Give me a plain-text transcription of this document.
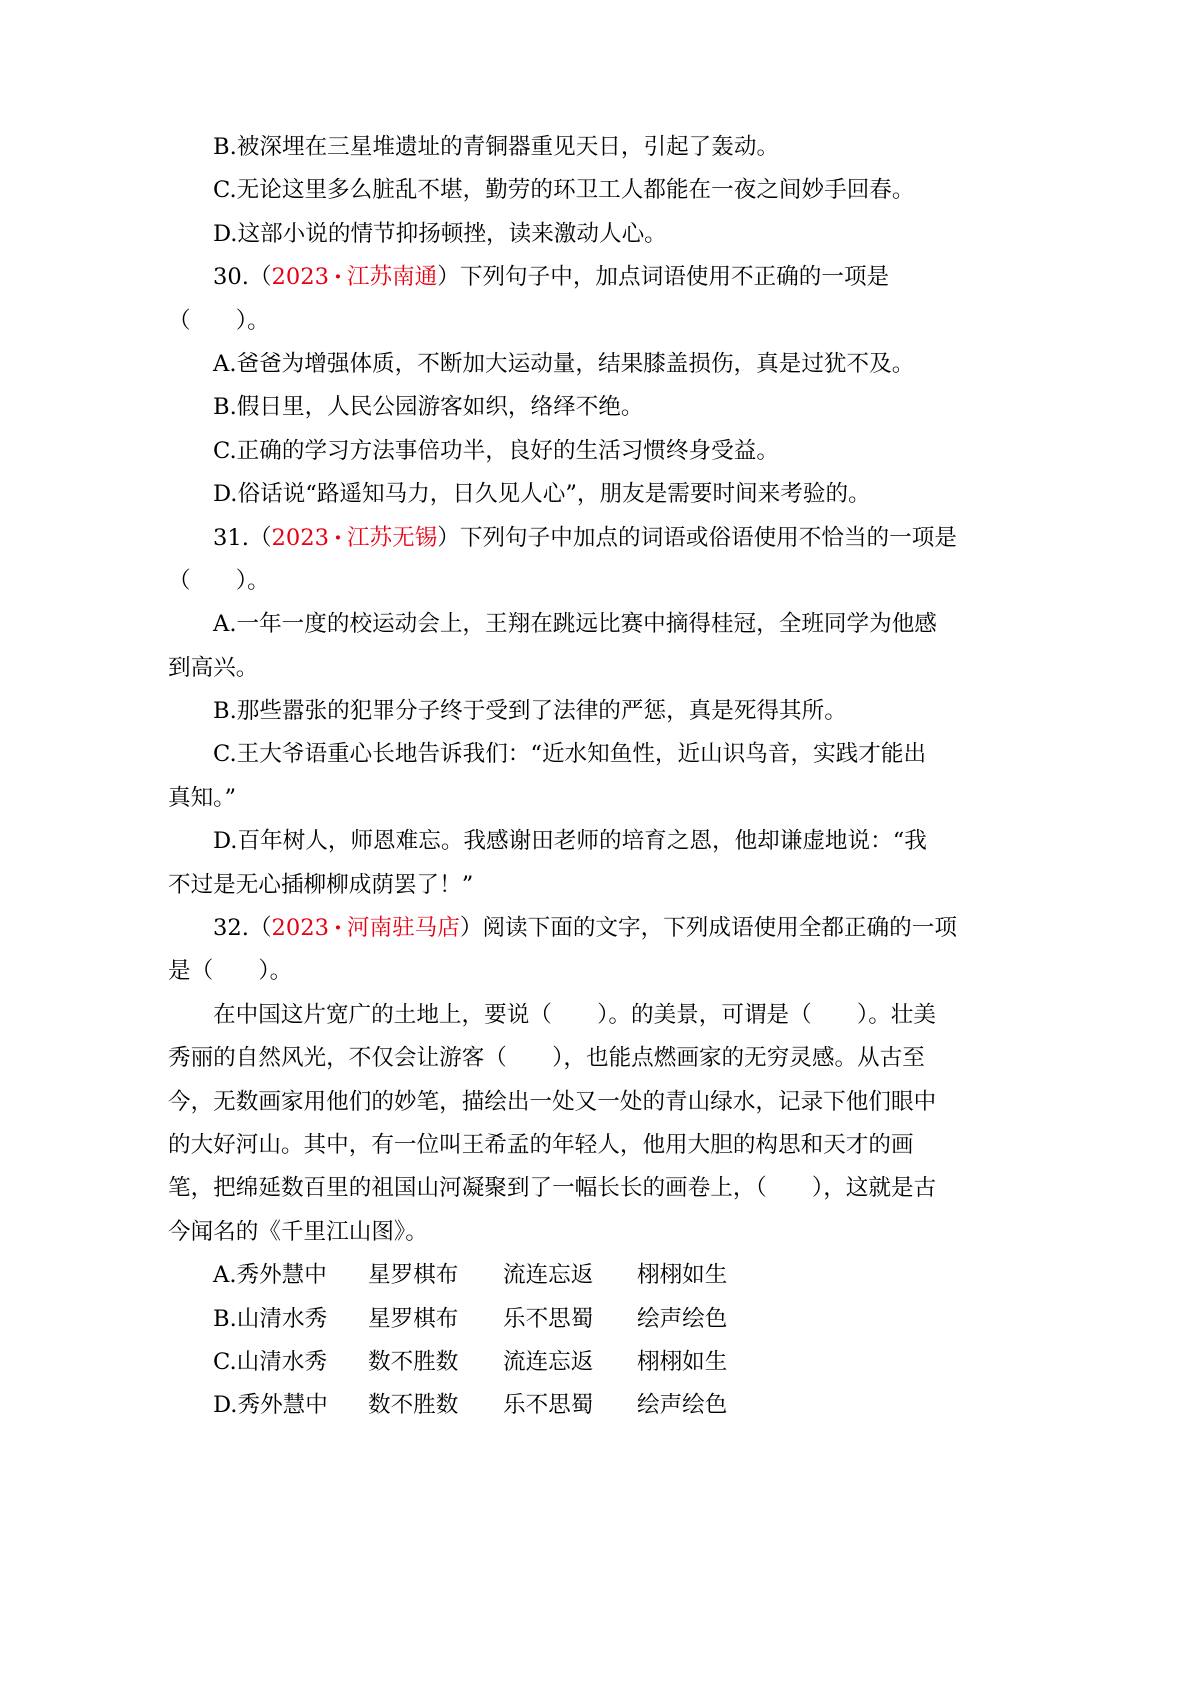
B.被深埋在三星堆遗址的青铜器重见天日，引起了轰动。
C.无论这里多么脏乱不堪，勤劳的环卫工人都能在一夜之间妙手回春。
D.这部小说的情节抑扬顿挫，读来激动人心。
30.（2023 · 江苏南通）下列句子中，加点词语使用不正确的一项是
（　　）。
A.爸爸为增强体质，不断加大运动量，结果膝盖损伤，真是过犹不及。
B.假日里，人民公园游客如织，络绎不绝。
C.正确的学习方法事倍功半，良好的生活习惯终身受益。
D.俗话说“路遥知马力，日久见人心”，朋友是需要时间来考验的。
31.（2023 · 江苏无锡）下列句子中加点的词语或俗语使用不恰当的一项是
（　　）。
A.一年一度的校运动会上，王翔在跳远比赛中摘得桂冠，全班同学为他感
到高兴。
B.那些嚣张的犯罪分子终于受到了法律的严惩，真是死得其所。
C.王大爷语重心长地告诉我们：“近水知鱼性，近山识鸟音，实践才能出
真知。”
D.百年树人，师恩难忘。我感谢田老师的培育之恩，他却谦虚地说：“我
不过是无心插柳柳成荫罢了！”
32.（2023 · 河南驻马店）阅读下面的文字，下列成语使用全都正确的一项
是（　　）。
在中国这片宽广的土地上，要说（　　）。的美景，可谓是（　　）。壮美
秀丽的自然风光，不仅会让游客（　　），也能点燃画家的无穷灵感。从古至
今，无数画家用他们的妙笔，描绘出一处又一处的青山绿水，记录下他们眼中
的大好河山。其中，有一位叫王希孟的年轻人，他用大胆的构思和天才的画
笔，把绵延数百里的祖国山河凝聚到了一幅长长的画卷上，（　　），这就是古
今闻名的《千里江山图》。
A.秀外慧中	星罗棋布	流连忘返	栩栩如生
B.山清水秀	星罗棋布	乐不思蜀	绘声绘色
C.山清水秀	数不胜数	流连忘返	栩栩如生
D.秀外慧中	数不胜数	乐不思蜀	绘声绘色
